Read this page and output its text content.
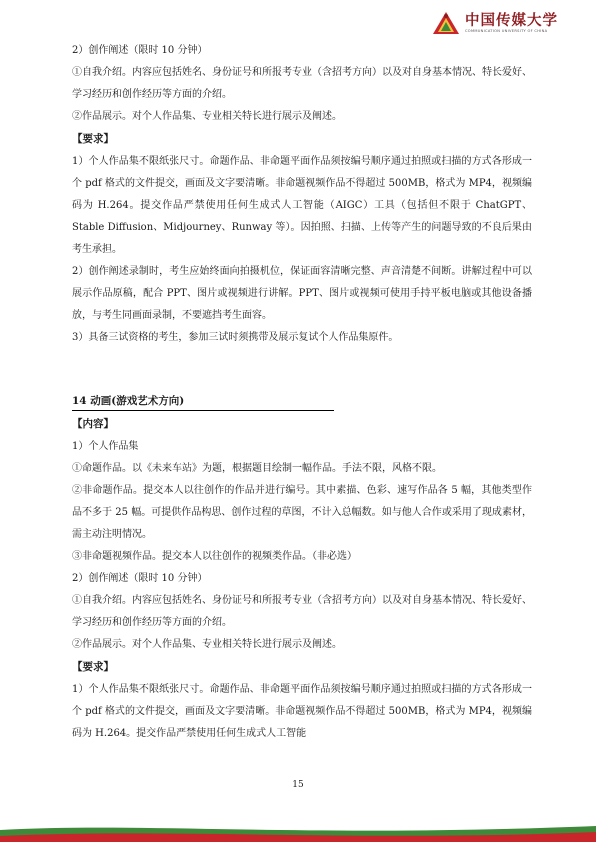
中国传媒大学
COMMUNICATION UNIVERSITY OF CHINA

2）创作阐述（限时 10 分钟）

①自我介绍。内容应包括姓名、身份证号和所报考专业（含招考方向）以及对自身基本情况、特长爱好、学习经历和创作经历等方面的介绍。

②作品展示。对个人作品集、专业相关特长进行展示及阐述。

【要求】

1）个人作品集不限纸张尺寸。命题作品、非命题平面作品须按编号顺序通过拍照或扫描的方式各形成一个 pdf 格式的文件提交，画面及文字要清晰。非命题视频作品不得超过 500MB，格式为 MP4，视频编码为 H.264。提交作品严禁使用任何生成式人工智能（AIGC）工具（包括但不限于 ChatGPT、Stable Diffusion、Midjourney、Runway 等）。因拍照、扫描、上传等产生的问题导致的不良后果由考生承担。

2）创作阐述录制时，考生应始终面向拍摄机位，保证面容清晰完整、声音清楚不间断。讲解过程中可以展示作品原稿，配合 PPT、图片或视频进行讲解。PPT、图片或视频可使用手持平板电脑或其他设备播放，与考生同画面录制，不要遮挡考生面容。

3）具备三试资格的考生，参加三试时须携带及展示复试个人作品集原件。

14 动画(游戏艺术方向)

【内容】

1）个人作品集

①命题作品。以《未来车站》为题，根据题目绘制一幅作品。手法不限，风格不限。

②非命题作品。提交本人以往创作的作品并进行编号。其中素描、色彩、速写作品各 5 幅，其他类型作品不多于 25 幅。可提供作品构思、创作过程的草图，不计入总幅数。如与他人合作或采用了现成素材，需主动注明情况。

③非命题视频作品。提交本人以往创作的视频类作品。（非必选）

2）创作阐述（限时 10 分钟）

①自我介绍。内容应包括姓名、身份证号和所报考专业（含招考方向）以及对自身基本情况、特长爱好、学习经历和创作经历等方面的介绍。

②作品展示。对个人作品集、专业相关特长进行展示及阐述。

【要求】

1）个人作品集不限纸张尺寸。命题作品、非命题平面作品须按编号顺序通过拍照或扫描的方式各形成一个 pdf 格式的文件提交，画面及文字要清晰。非命题视频作品不得超过 500MB，格式为 MP4，视频编码为 H.264。提交作品严禁使用任何生成式人工智能

15
